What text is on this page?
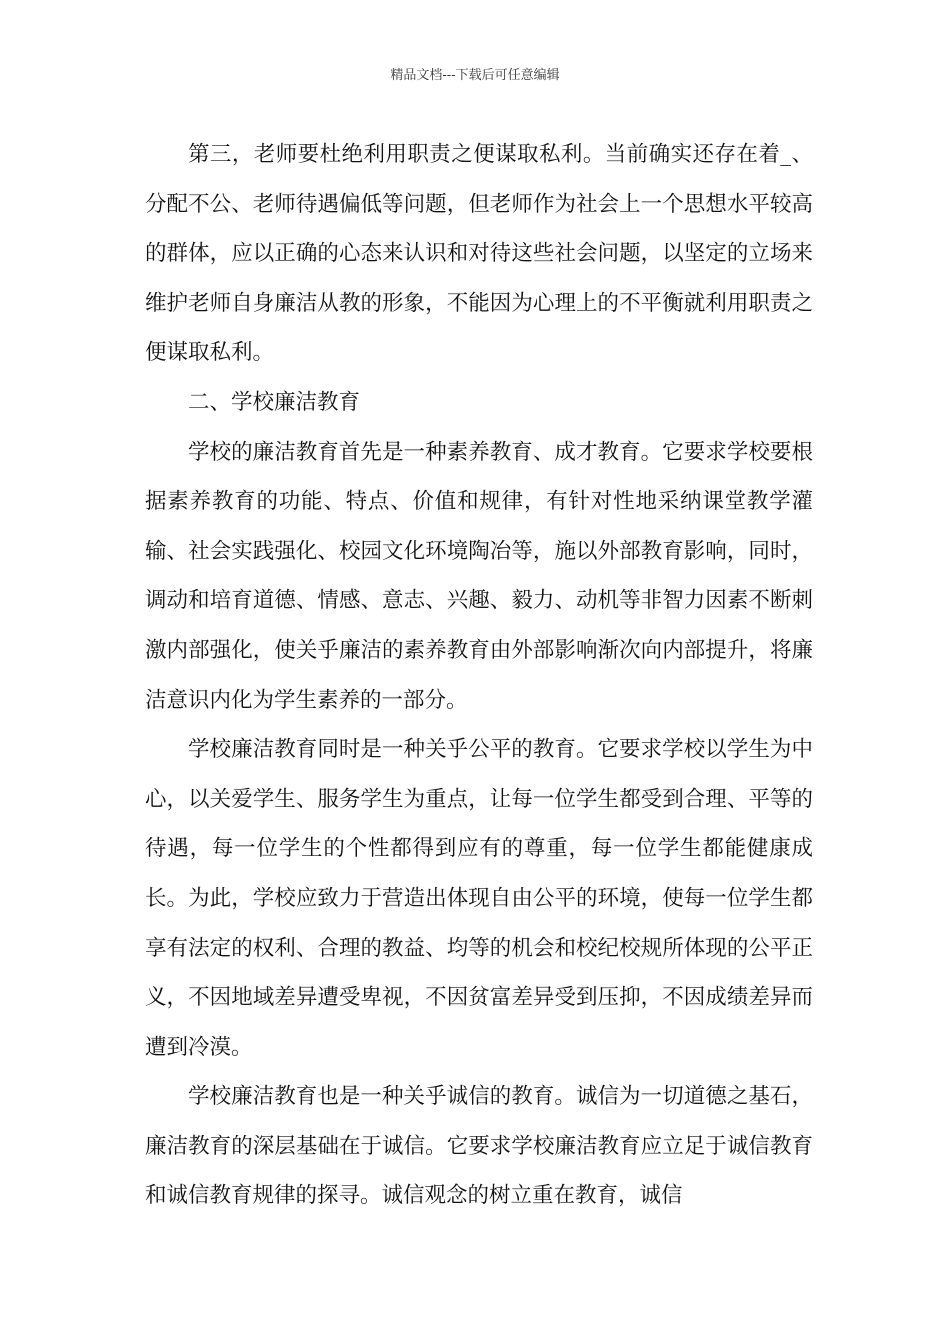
精品文档---下载后可任意编辑

第三，老师要杜绝利用职责之便谋取私利。当前确实还存在着_、分配不公、老师待遇偏低等问题，但老师作为社会上一个思想水平较高的群体，应以正确的心态来认识和对待这些社会问题，以坚定的立场来维护老师自身廉洁从教的形象，不能因为心理上的不平衡就利用职责之便谋取私利。

二、学校廉洁教育

学校的廉洁教育首先是一种素养教育、成才教育。它要求学校要根据素养教育的功能、特点、价值和规律，有针对性地采纳课堂教学灌输、社会实践强化、校园文化环境陶冶等，施以外部教育影响，同时，调动和培育道德、情感、意志、兴趣、毅力、动机等非智力因素不断刺激内部强化，使关乎廉洁的素养教育由外部影响渐次向内部提升，将廉洁意识内化为学生素养的一部分。

学校廉洁教育同时是一种关乎公平的教育。它要求学校以学生为中心，以关爱学生、服务学生为重点，让每一位学生都受到合理、平等的待遇，每一位学生的个性都得到应有的尊重，每一位学生都能健康成长。为此，学校应致力于营造出体现自由公平的环境，使每一位学生都享有法定的权利、合理的教益、均等的机会和校纪校规所体现的公平正义，不因地域差异遭受卑视，不因贫富差异受到压抑，不因成绩差异而遭到冷漠。

学校廉洁教育也是一种关乎诚信的教育。诚信为一切道德之基石，廉洁教育的深层基础在于诚信。它要求学校廉洁教育应立足于诚信教育和诚信教育规律的探寻。诚信观念的树立重在教育，诚信
